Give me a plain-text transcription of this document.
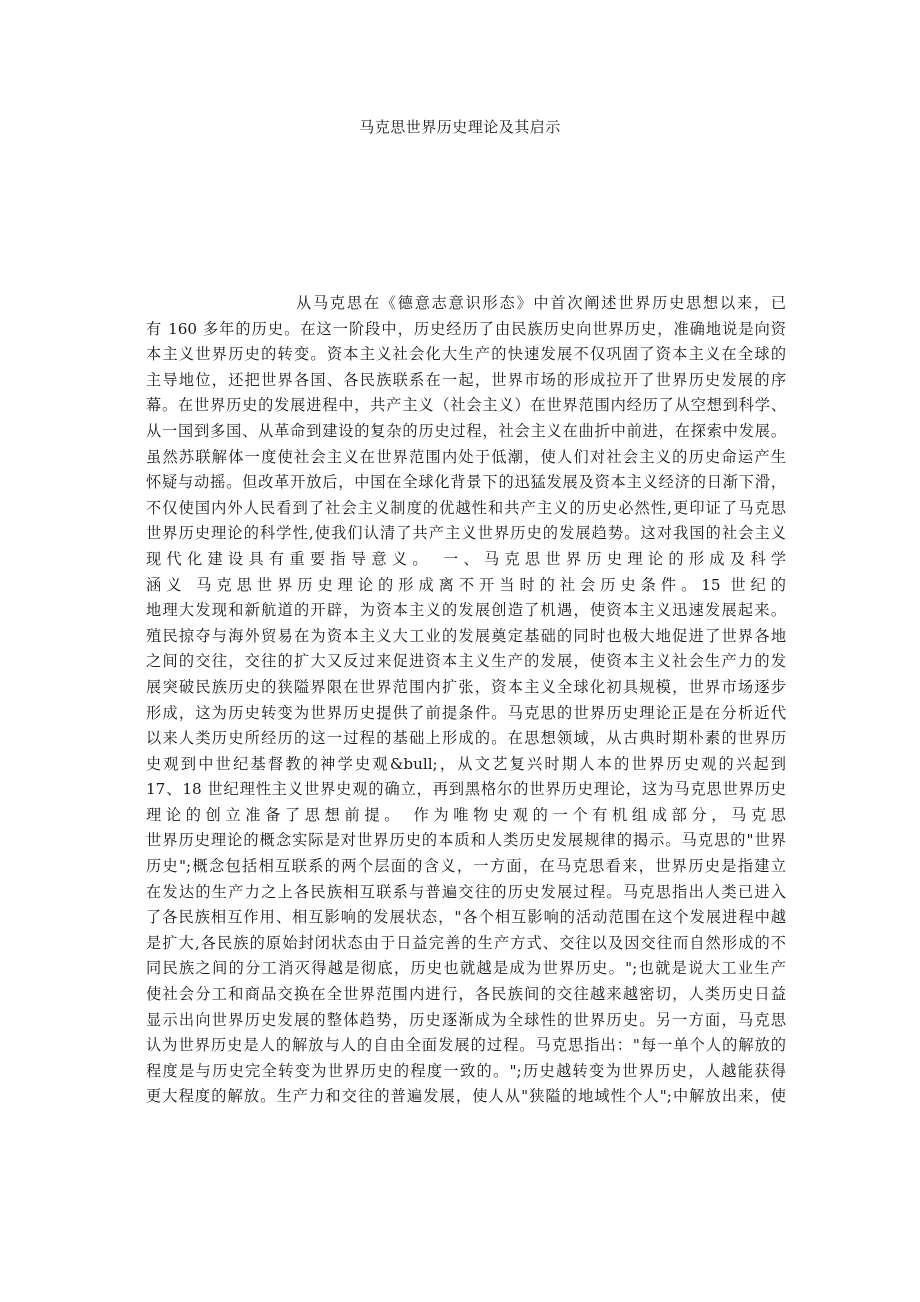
马克思世界历史理论及其启示
从马克思在《德意志意识形态》中首次阐述世界历史思想以来，已
有 160 多年的历史。在这一阶段中，历史经历了由民族历史向世界历史，准确地说是向资
本主义世界历史的转变。资本主义社会化大生产的快速发展不仅巩固了资本主义在全球的
主导地位，还把世界各国、各民族联系在一起，世界市场的形成拉开了世界历史发展的序
幕。在世界历史的发展进程中，共产主义（社会主义）在世界范围内经历了从空想到科学、
从一国到多国、从革命到建设的复杂的历史过程，社会主义在曲折中前进，在探索中发展。
虽然苏联解体一度使社会主义在世界范围内处于低潮，使人们对社会主义的历史命运产生
怀疑与动摇。但改革开放后，中国在全球化背景下的迅猛发展及资本主义经济的日渐下滑，
不仅使国内外人民看到了社会主义制度的优越性和共产主义的历史必然性,更印证了马克思
世界历史理论的科学性,使我们认清了共产主义世界历史的发展趋势。这对我国的社会主义
现代化建设具有重要指导意义。 一、马克思世界历史理论的形成及科学
涵义 马克思世界历史理论的形成离不开当时的社会历史条件。15 世纪的
地理大发现和新航道的开辟，为资本主义的发展创造了机遇，使资本主义迅速发展起来。
殖民掠夺与海外贸易在为资本主义大工业的发展奠定基础的同时也极大地促进了世界各地
之间的交往，交往的扩大又反过来促进资本主义生产的发展，使资本主义社会生产力的发
展突破民族历史的狭隘界限在世界范围内扩张，资本主义全球化初具规模，世界市场逐步
形成，这为历史转变为世界历史提供了前提条件。马克思的世界历史理论正是在分析近代
以来人类历史所经历的这一过程的基础上形成的。在思想领域，从古典时期朴素的世界历
史观到中世纪基督教的神学史观&bull;，从文艺复兴时期人本的世界历史观的兴起到
17、18 世纪理性主义世界史观的确立，再到黑格尔的世界历史理论，这为马克思世界历史
理论的创立准备了思想前提。 作为唯物史观的一个有机组成部分，马克思
世界历史理论的概念实际是对世界历史的本质和人类历史发展规律的揭示。马克思的"世界
历史";概念包括相互联系的两个层面的含义，一方面，在马克思看来，世界历史是指建立
在发达的生产力之上各民族相互联系与普遍交往的历史发展过程。马克思指出人类已进入
了各民族相互作用、相互影响的发展状态，"各个相互影响的活动范围在这个发展进程中越
是扩大,各民族的原始封闭状态由于日益完善的生产方式、交往以及因交往而自然形成的不
同民族之间的分工消灭得越是彻底，历史也就越是成为世界历史。";也就是说大工业生产
使社会分工和商品交换在全世界范围内进行，各民族间的交往越来越密切，人类历史日益
显示出向世界历史发展的整体趋势，历史逐渐成为全球性的世界历史。另一方面，马克思
认为世界历史是人的解放与人的自由全面发展的过程。马克思指出："每一单个人的解放的
程度是与历史完全转变为世界历史的程度一致的。";历史越转变为世界历史，人越能获得
更大程度的解放。生产力和交往的普遍发展，使人从"狭隘的地域性个人";中解放出来，使
